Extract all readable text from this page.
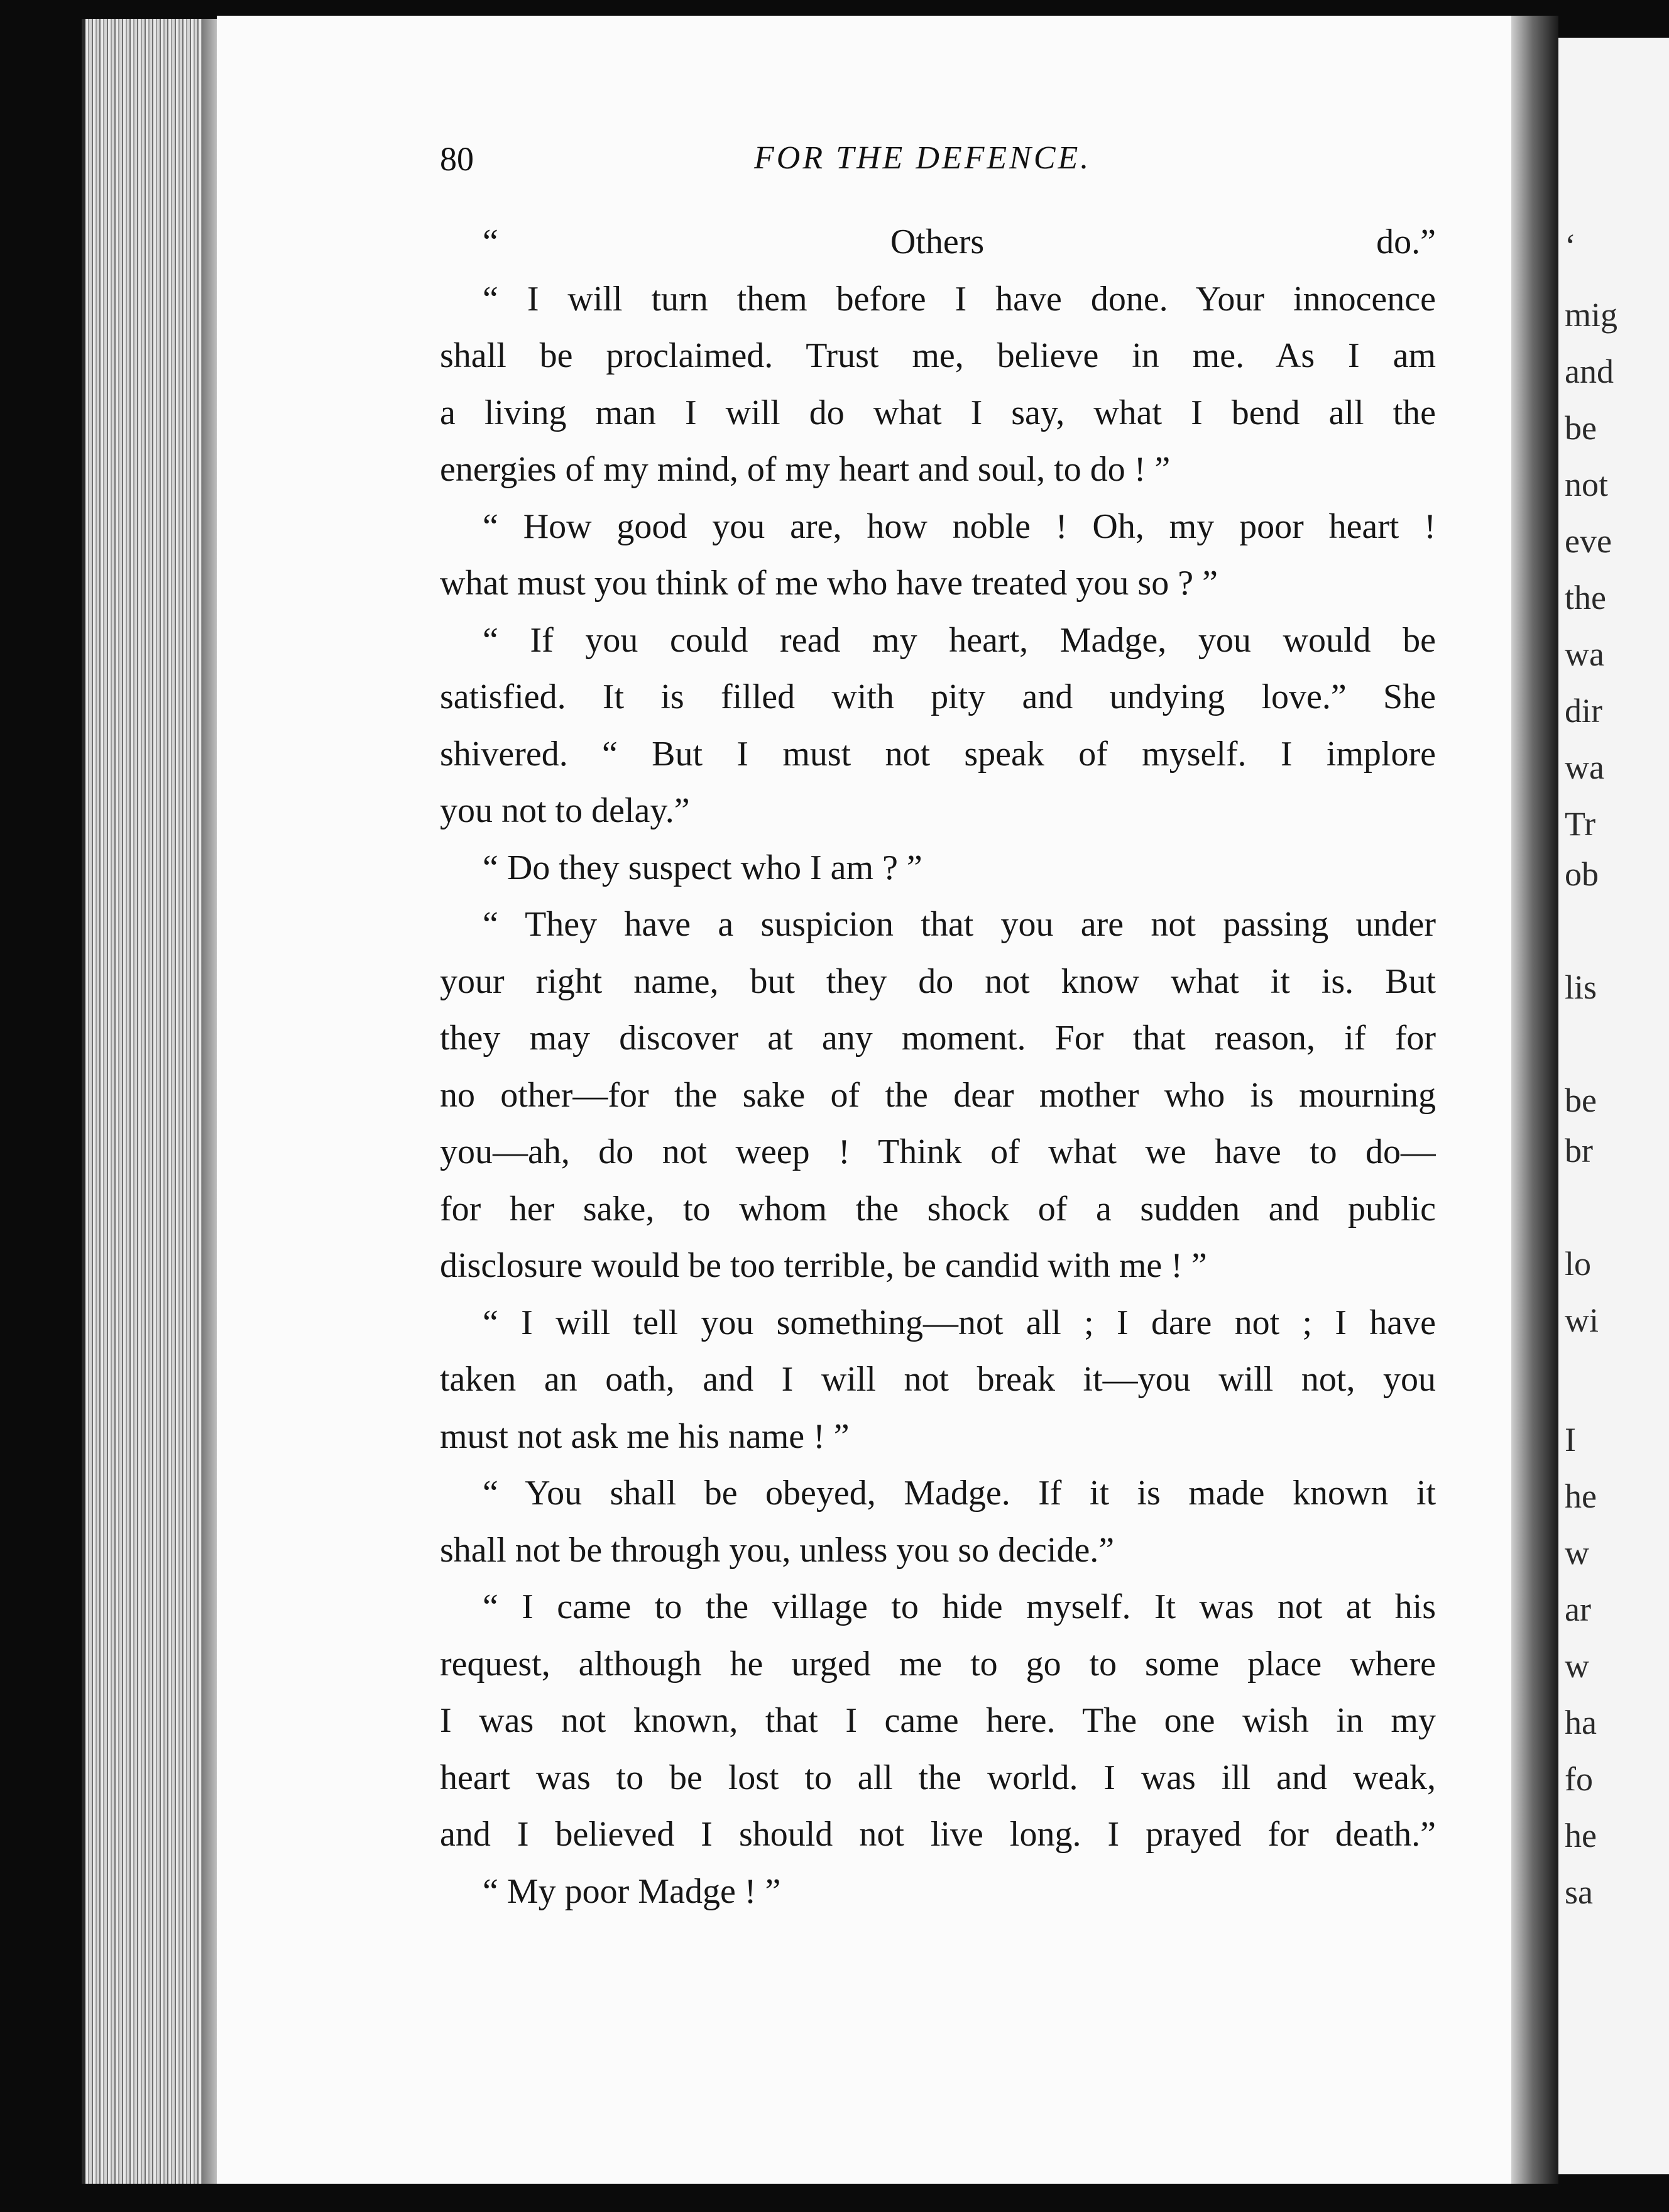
‘
mig
and
be
not
eve
the
wa
dir
wa
Tr
ob
lis
be
br
lo
wi
I
he
w
ar
w
ha
fo
he
sa
80	FOR THE DEFENCE.
“ Others do.”
“ I will turn them before I have done. Your innocence
shall be proclaimed. Trust me, believe in me. As I am
a living man I will do what I say, what I bend all the
energies of my mind, of my heart and soul, to do ! ”
“ How good you are, how noble ! Oh, my poor heart !
what must you think of me who have treated you so ? ”
“ If you could read my heart, Madge, you would be
satisfied. It is filled with pity and undying love.” She
shivered. “ But I must not speak of myself. I implore
you not to delay.”
“ Do they suspect who I am ? ”
“ They have a suspicion that you are not passing under
your right name, but they do not know what it is. But
they may discover at any moment. For that reason, if for
no other—for the sake of the dear mother who is mourning
you—ah, do not weep ! Think of what we have to do—
for her sake, to whom the shock of a sudden and public
disclosure would be too terrible, be candid with me ! ”
“ I will tell you something—not all ; I dare not ; I have
taken an oath, and I will not break it—you will not, you
must not ask me his name ! ”
“ You shall be obeyed, Madge. If it is made known it
shall not be through you, unless you so decide.”
“ I came to the village to hide myself. It was not at his
request, although he urged me to go to some place where
I was not known, that I came here. The one wish in my
heart was to be lost to all the world. I was ill and weak,
and I believed I should not live long. I prayed for death.”
“ My poor Madge ! ”
